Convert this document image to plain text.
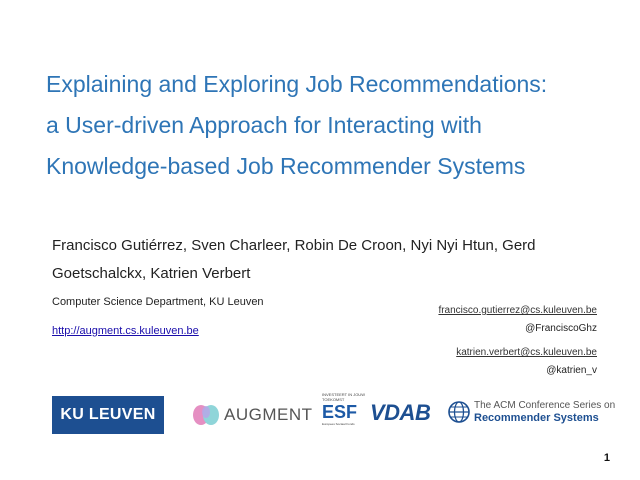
Explaining and Exploring Job Recommendations:
a User-driven Approach for Interacting with
Knowledge-based Job Recommender Systems
Francisco Gutiérrez, Sven Charleer, Robin De Croon, Nyi Nyi Htun, Gerd Goetschalckx, Katrien Verbert
Computer Science Department, KU Leuven
http://augment.cs.kuleuven.be
francisco.gutierrez@cs.kuleuven.be
@FranciscoGhz
katrien.verbert@cs.kuleuven.be
@katrien_v
KU LEUVEN	AUGMENT
INVESTEERT IN JOUW TOEKOMST
ESF
Europees Sociaal Fonds VDAB	The ACM Conference Series on
Recommender Systems
1
